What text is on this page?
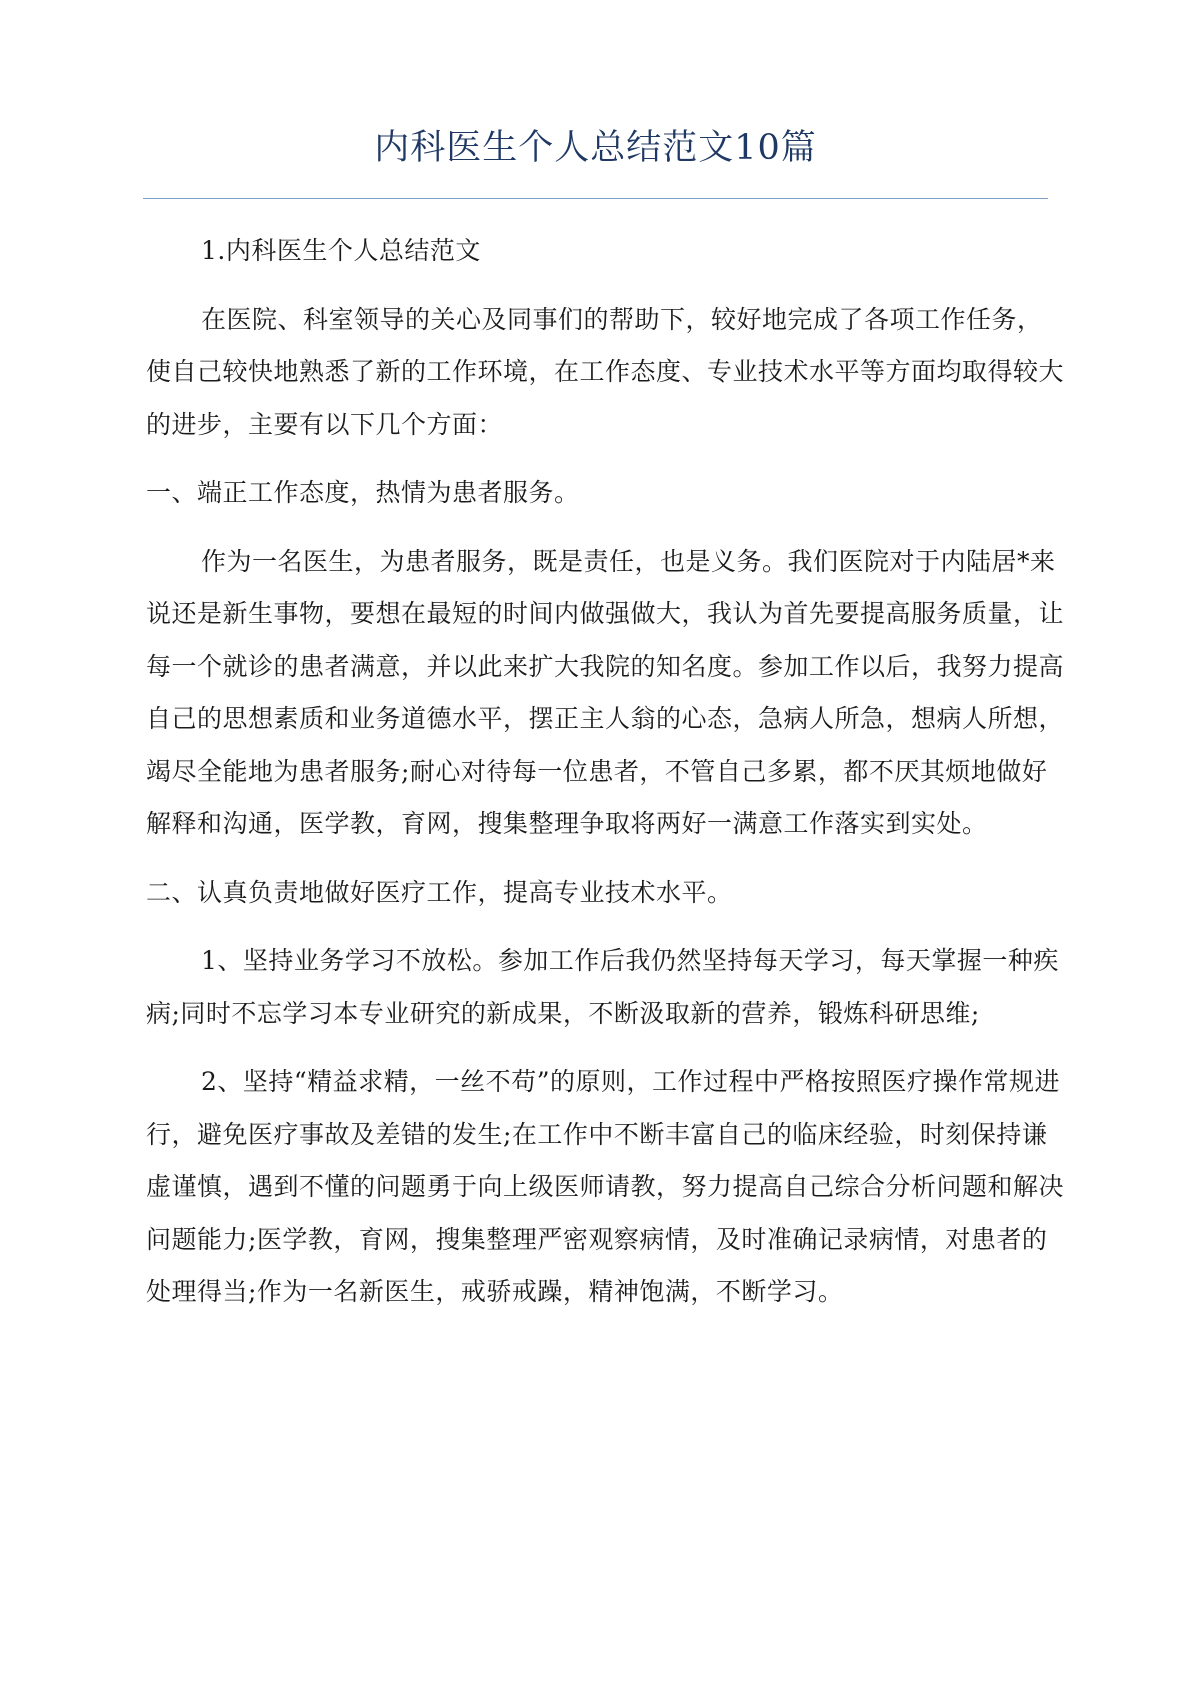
内科医生个人总结范文10篇

1.内科医生个人总结范文

在医院、科室领导的关心及同事们的帮助下，较好地完成了各项工作任务，使自己较快地熟悉了新的工作环境，在工作态度、专业技术水平等方面均取得较大的进步，主要有以下几个方面：

一、端正工作态度，热情为患者服务。

作为一名医生，为患者服务，既是责任，也是义务。我们医院对于内陆居*来说还是新生事物，要想在最短的时间内做强做大，我认为首先要提高服务质量，让每一个就诊的患者满意，并以此来扩大我院的知名度。参加工作以后，我努力提高自己的思想素质和业务道德水平，摆正主人翁的心态，急病人所急，想病人所想，竭尽全能地为患者服务;耐心对待每一位患者，不管自己多累，都不厌其烦地做好解释和沟通，医学教，育网，搜集整理争取将两好一满意工作落实到实处。

二、认真负责地做好医疗工作，提高专业技术水平。

1、坚持业务学习不放松。参加工作后我仍然坚持每天学习，每天掌握一种疾病;同时不忘学习本专业研究的新成果，不断汲取新的营养，锻炼科研思维;

2、坚持“精益求精，一丝不苟”的原则，工作过程中严格按照医疗操作常规进行，避免医疗事故及差错的发生;在工作中不断丰富自己的临床经验，时刻保持谦虚谨慎，遇到不懂的问题勇于向上级医师请教，努力提高自己综合分析问题和解决问题能力;医学教，育网，搜集整理严密观察病情，及时准确记录病情，对患者的处理得当;作为一名新医生，戒骄戒躁，精神饱满，不断学习。
